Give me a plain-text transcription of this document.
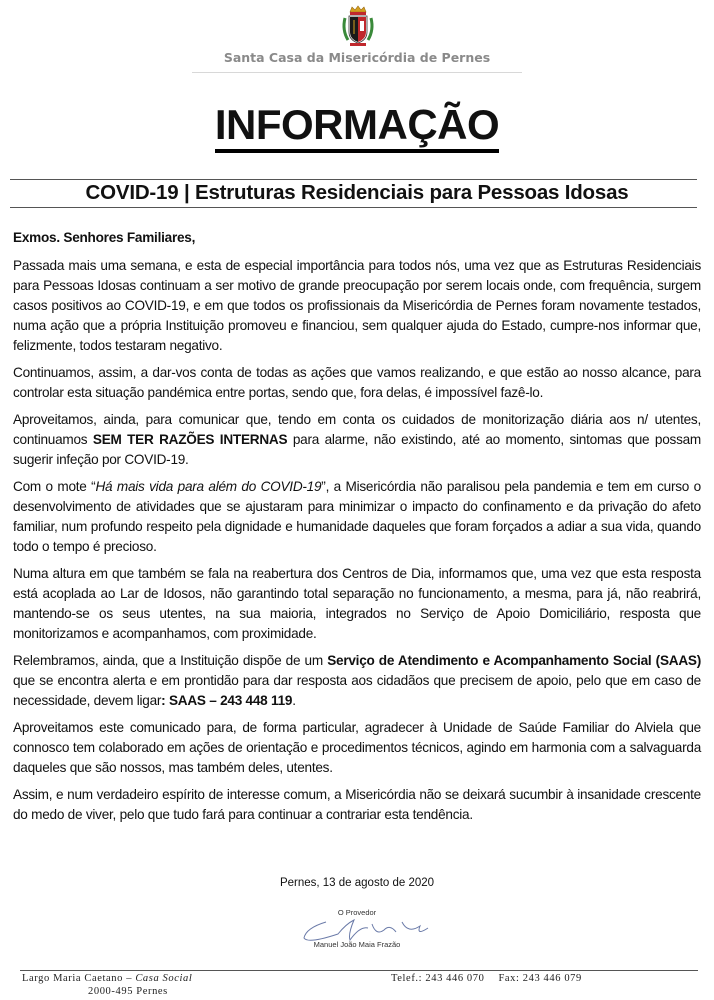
Santa Casa da Misericórdia de Pernes
INFORMAÇÃO
COVID-19 | Estruturas Residenciais para Pessoas Idosas

Exmos. Senhores Familiares,

Passada mais uma semana, e esta de especial importância para todos nós, uma vez que as Estruturas Residenciais para Pessoas Idosas continuam a ser motivo de grande preocupação por serem locais onde, com frequência, surgem casos positivos ao COVID-19, e em que todos os profissionais da Misericórdia de Pernes foram novamente testados, numa ação que a própria Instituição promoveu e financiou, sem qualquer ajuda do Estado, cumpre-nos informar que, felizmente, todos testaram negativo.

Continuamos, assim, a dar-vos conta de todas as ações que vamos realizando, e que estão ao nosso alcance, para controlar esta situação pandémica entre portas, sendo que, fora delas, é impossível fazê-lo.

Aproveitamos, ainda, para comunicar que, tendo em conta os cuidados de monitorização diária aos n/ utentes, continuamos SEM TER RAZÕES INTERNAS para alarme, não existindo, até ao momento, sintomas que possam sugerir infeção por COVID-19.

Com o mote “Há mais vida para além do COVID-19”, a Misericórdia não paralisou pela pandemia e tem em curso o desenvolvimento de atividades que se ajustaram para minimizar o impacto do confinamento e da privação do afeto familiar, num profundo respeito pela dignidade e humanidade daqueles que foram forçados a adiar a sua vida, quando todo o tempo é precioso.

Numa altura em que também se fala na reabertura dos Centros de Dia, informamos que, uma vez que esta resposta está acoplada ao Lar de Idosos, não garantindo total separação no funcionamento, a mesma, para já, não reabrirá, mantendo-se os seus utentes, na sua maioria, integrados no Serviço de Apoio Domiciliário, resposta que monitorizamos e acompanhamos, com proximidade.

Relembramos, ainda, que a Instituição dispõe de um Serviço de Atendimento e Acompanhamento Social (SAAS) que se encontra alerta e em prontidão para dar resposta aos cidadãos que precisem de apoio, pelo que em caso de necessidade, devem ligar: SAAS – 243 448 119.

Aproveitamos este comunicado para, de forma particular, agradecer à Unidade de Saúde Familiar do Alviela que connosco tem colaborado em ações de orientação e procedimentos técnicos, agindo em harmonia com a salvaguarda daqueles que são nossos, mas também deles, utentes.

Assim, e num verdadeiro espírito de interesse comum, a Misericórdia não se deixará sucumbir à insanidade crescente do medo de viver, pelo que tudo fará para continuar a contrariar esta tendência.

Pernes, 13 de agosto de 2020
O Provedor
Manuel João Maia Frazão
Largo Maria Caetano – Casa Social
2000-495 Pernes
Telef.: 243 446 070 Fax: 243 446 079
